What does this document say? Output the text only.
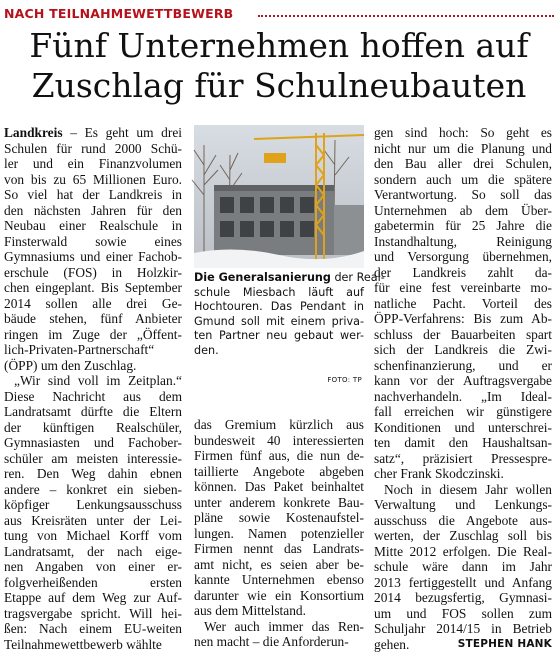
NACH TEILNAHMEWETTBEWERB
Fünf Unternehmen hoffen auf
Zuschlag für Schulneubauten
Landkreis – Es geht um drei
Schulen für rund 2000 Schü-
ler und ein Finanzvolumen
von bis zu 65 Millionen Euro.
So viel hat der Landkreis in
den nächsten Jahren für den
Neubau einer Realschule in
Finsterwald sowie eines
Gymnasiums und einer Fachob-
erschule (FOS) in Holzkir-
chen eingeplant. Bis September
2014 sollen alle drei Ge-
bäude stehen, fünf Anbieter
ringen im Zuge der „Öffent-
lich-Privaten-Partnerschaft“
(ÖPP) um den Zuschlag.
„Wir sind voll im Zeitplan.“
Diese Nachricht aus dem
Landratsamt dürfte die Eltern
der künftigen Realschüler,
Gymnasiasten und Fachober-
schüler am meisten interessie-
ren. Den Weg dahin ebnen
andere – konkret ein sieben-
köpfiger Lenkungsausschuss
aus Kreisräten unter der Lei-
tung von Michael Korff vom
Landratsamt, der nach eige-
nen Angaben von einer er-
folgverheißenden ersten
Etappe auf dem Weg zur Auf-
tragsvergabe spricht. Will hei-
ßen: Nach einem EU-weiten
Teilnahmewettbewerb wählte
Die Generalsanierung der Real-
schule Miesbach läuft auf
Hochtouren. Das Pendant in
Gmund soll mit einem priva-
ten Partner neu gebaut wer-
den.
FOTO: TP
das Gremium kürzlich aus
bundesweit 40 interessierten
Firmen fünf aus, die nun de-
taillierte Angebote abgeben
können. Das Paket beinhaltet
unter anderem konkrete Bau-
pläne sowie Kostenaufstel-
lungen. Namen potenzieller
Firmen nennt das Landrats-
amt nicht, es seien aber be-
kannte Unternehmen ebenso
darunter wie ein Konsortium
aus dem Mittelstand.
Wer auch immer das Ren-
nen macht – die Anforderun-
gen sind hoch: So geht es
nicht nur um die Planung und
den Bau aller drei Schulen,
sondern auch um die spätere
Verantwortung. So soll das
Unternehmen ab dem Über-
gabetermin für 25 Jahre die
Instandhaltung, Reinigung
und Versorgung übernehmen,
der Landkreis zahlt da-
für eine fest vereinbarte mo-
natliche Pacht. Vorteil des
ÖPP-Verfahrens: Bis zum Ab-
schluss der Bauarbeiten spart
sich der Landkreis die Zwi-
schenfinanzierung, und er
kann vor der Auftragsvergabe
nachverhandeln. „Im Ideal-
fall erreichen wir günstigere
Konditionen und unterschrei-
ten damit den Haushaltsan-
satz“, präzisiert Pressespre-
cher Frank Skodczinski.
Noch in diesem Jahr wollen
Verwaltung und Lenkungs-
ausschuss die Angebote aus-
werten, der Zuschlag soll bis
Mitte 2012 erfolgen. Die Real-
schule wäre dann im Jahr
2013 fertiggestellt und Anfang
2014 bezugsfertig, Gymnasi-
um und FOS sollen zum
Schuljahr 2014/15 in Betrieb
gehen.	STEPHEN HANK
